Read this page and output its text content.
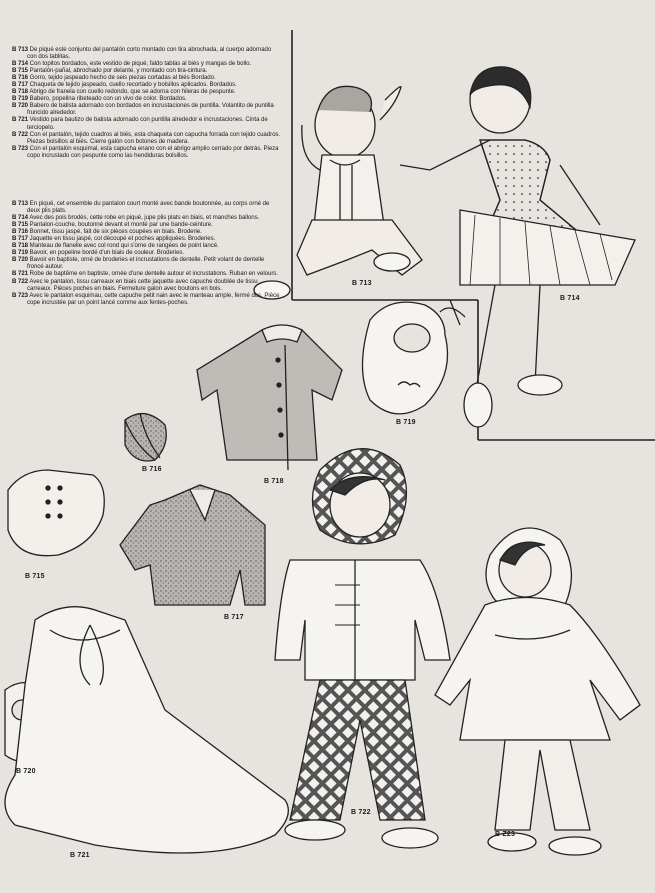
B 713 De piqué este conjunto del pantalón corto montado con tira abrochada, al cuerpo adornado con dos tablitas.

B 714 Con topitos bordados, este vestido de piqué, faldo tablas al biés y mangas de bollo.

B 715 Pantalón-pañal, abrochado por delante, y montado con tira-cintura.

B 716 Gorro, tejido jaspeado hecho de seis piezas cortadas al biés Bordado.

B 717 Chaqueta de tejido jaspeado, cuello recortado y bolsillos aplicados. Bordados.

B 718 Abrigo de franela con cuello redondo, que se adorna con hileras de pespunte.

B 719 Babero, popelina ribeteado con un vivo de color. Bordados.

B 720 Babero de batista adornado con bordados en incrustaciones de puntilla. Volantito de puntilla fruncido alrededor.

B 721 Vestido para bautizo de batista adornado con puntilla alrededor e incrustaciones. Cinta de terciopelo.

B 722 Con el pantalón, tejido cuadros al biés, esta chaqueta con capucha forrada con tejido cuadros. Piezas bolsillos al biés. Cierre galón con botones de madera.

B 723 Con el pantalón esquimal, esta capucha enano con el abrigo amplio cerrado por detrás. Pieza copo incrustado con pespunte como las hendiduras bolsillos.

B 713 En piqué, cet ensemble du pantalon court monté avec bande boutonnée, au corps orné de deux plis plats.

B 714 Avec des pois brodés, cette robe en piqué, jupe plis plats en biais, et manches ballons.

B 715 Pantalon-couche, boutonné devant et monté par une bande-ceinture.

B 716 Bonnet, tissu jaspé, fait de six pièces coupées en biais. Broderie.

B 717 Jaquette en tissu jaspé, col découpé et poches appliquées. Broderies.

B 718 Manteau de flanelle avec col rond qui s'orne de rangées de point lancé.

B 719 Bavoir, en popeline bordé d'un biais de couleur. Broderies.

B 720 Bavoir en baptiste, orné de broderies et incrustations de dentelle. Petit volant de dentelle froncé autour.

B 721 Robe de baptême en baptiste, ornée d'une dentelle autour et incrustations. Ruban en velours.

B 722 Avec le pantalon, tissu carreaux en biais cette jaquette avec capuche doublée de tissu carreaux. Pièces poches en biais. Fermeture galon avec boutons en bois.

B 723 Avec le pantalon esquimau, cette capuche petit nain avec le manteau ample, fermé dos. Pièce cope incrustée par un point lancé comme aux fentes-poches.

B 713
B 714
B 719
B 716
B 718
B 715
B 717
B 720
B 721
B 722
B Z23
